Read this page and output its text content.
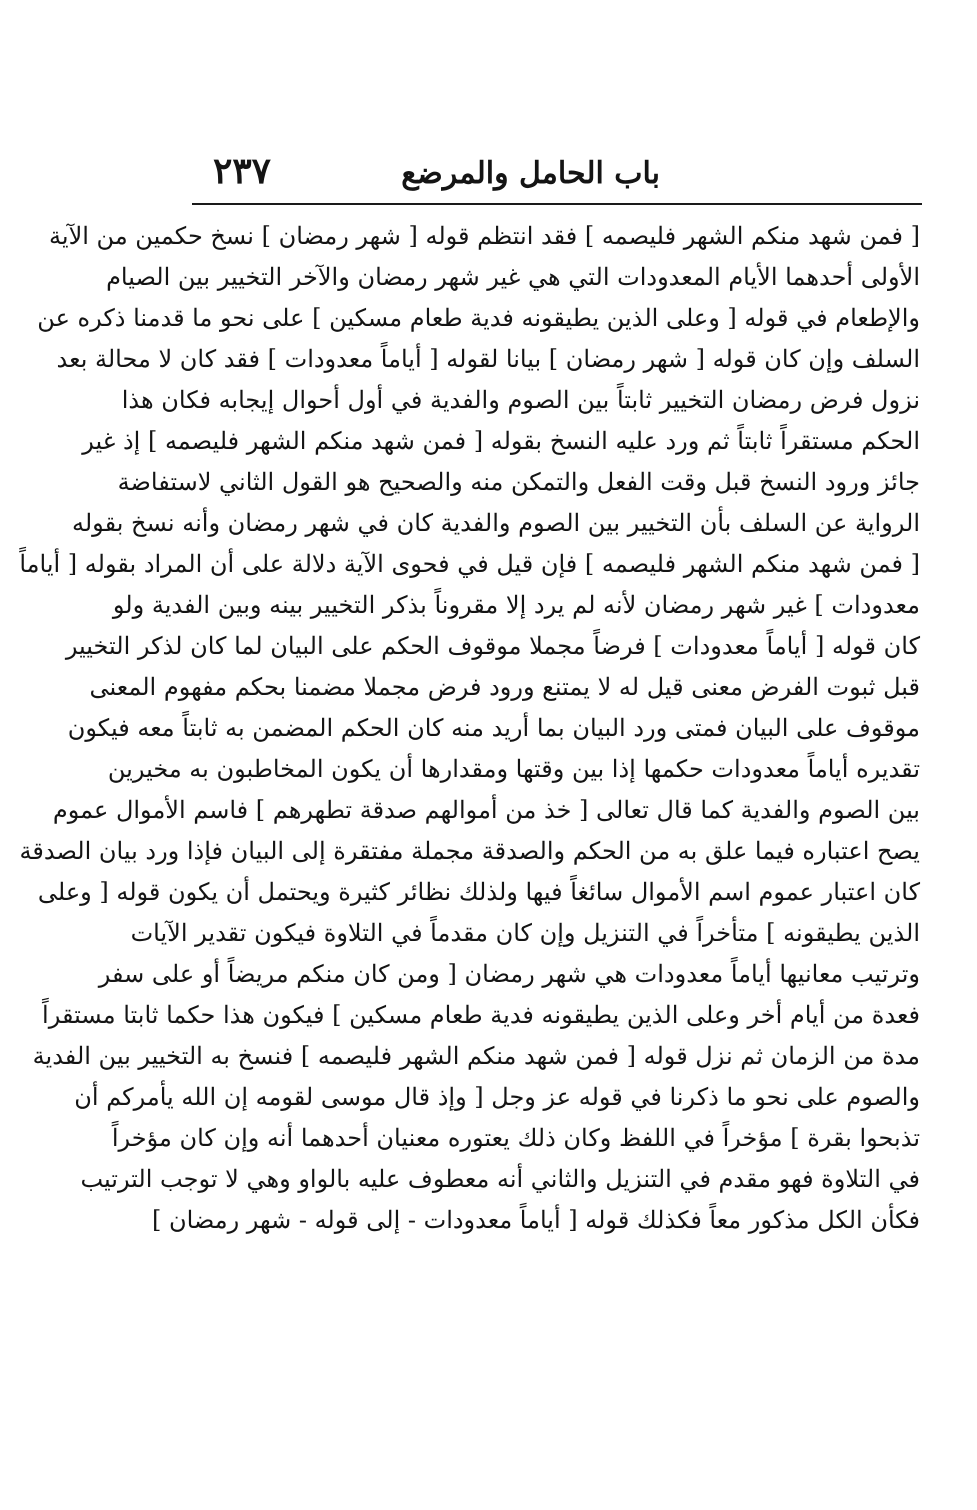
باب الحامل والمرضع
٢٣٧
[ فمن شهد منكم الشهر فليصمه ] فقد انتظم قوله [ شهر رمضان ] نسخ حكمين من الآية
الأولى أحدهما الأيام المعدودات التي هي غير شهر رمضان والآخر التخيير بين الصيام
والإطعام في قوله [ وعلى الذين يطيقونه فدية طعام مسكين ] على نحو ما قدمنا ذكره عن
السلف وإن كان قوله [ شهر رمضان ] بيانا لقوله [ أياماً معدودات ] فقد كان لا محالة بعد
نزول فرض رمضان التخيير ثابتاً بين الصوم والفدية في أول أحوال إيجابه فكان هذا
الحكم مستقراً ثابتاً ثم ورد عليه النسخ بقوله [ فمن شهد منكم الشهر فليصمه ] إذ غير
جائز ورود النسخ قبل وقت الفعل والتمكن منه والصحيح هو القول الثاني لاستفاضة
الرواية عن السلف بأن التخيير بين الصوم والفدية كان في شهر رمضان وأنه نسخ بقوله
[ فمن شهد منكم الشهر فليصمه ] فإن قيل في فحوى الآية دلالة على أن المراد بقوله [ أياماً
معدودات ] غير شهر رمضان لأنه لم يرد إلا مقروناً بذكر التخيير بينه وبين الفدية ولو
كان قوله [ أياماً معدودات ] فرضاً مجملا موقوف الحكم على البيان لما كان لذكر التخيير
قبل ثبوت الفرض معنى قيل له لا يمتنع ورود فرض مجملا مضمنا بحكم مفهوم المعنى
موقوف على البيان فمتى ورد البيان بما أريد منه كان الحكم المضمن به ثابتاً معه فيكون
تقديره أياماً معدودات حكمها إذا بين وقتها ومقدارها أن يكون المخاطبون به مخيرين
بين الصوم والفدية كما قال تعالى [ خذ من أموالهم صدقة تطهرهم ] فاسم الأموال عموم
يصح اعتباره فيما علق به من الحكم والصدقة مجملة مفتقرة إلى البيان فإذا ورد بيان الصدقة
كان اعتبار عموم اسم الأموال سائغاً فيها ولذلك نظائر كثيرة ويحتمل أن يكون قوله [ وعلى
الذين يطيقونه ] متأخراً في التنزيل وإن كان مقدماً في التلاوة فيكون تقدير الآيات
وترتيب معانيها أياماً معدودات هي شهر رمضان [ ومن كان منكم مريضاً أو على سفر
فعدة من أيام أخر وعلى الذين يطيقونه فدية طعام مسكين ] فيكون هذا حكما ثابتا مستقراً
مدة من الزمان ثم نزل قوله [ فمن شهد منكم الشهر فليصمه ] فنسخ به التخيير بين الفدية
والصوم على نحو ما ذكرنا في قوله عز وجل [ وإذ قال موسى لقومه إن الله يأمركم أن
تذبحوا بقرة ] مؤخراً في اللفظ وكان ذلك يعتوره معنيان أحدهما أنه وإن كان مؤخراً
في التلاوة فهو مقدم في التنزيل والثاني أنه معطوف عليه بالواو وهي لا توجب الترتيب
فكأن الكل مذكور معاً فكذلك قوله [ أياماً معدودات - إلى قوله - شهر رمضان ]
